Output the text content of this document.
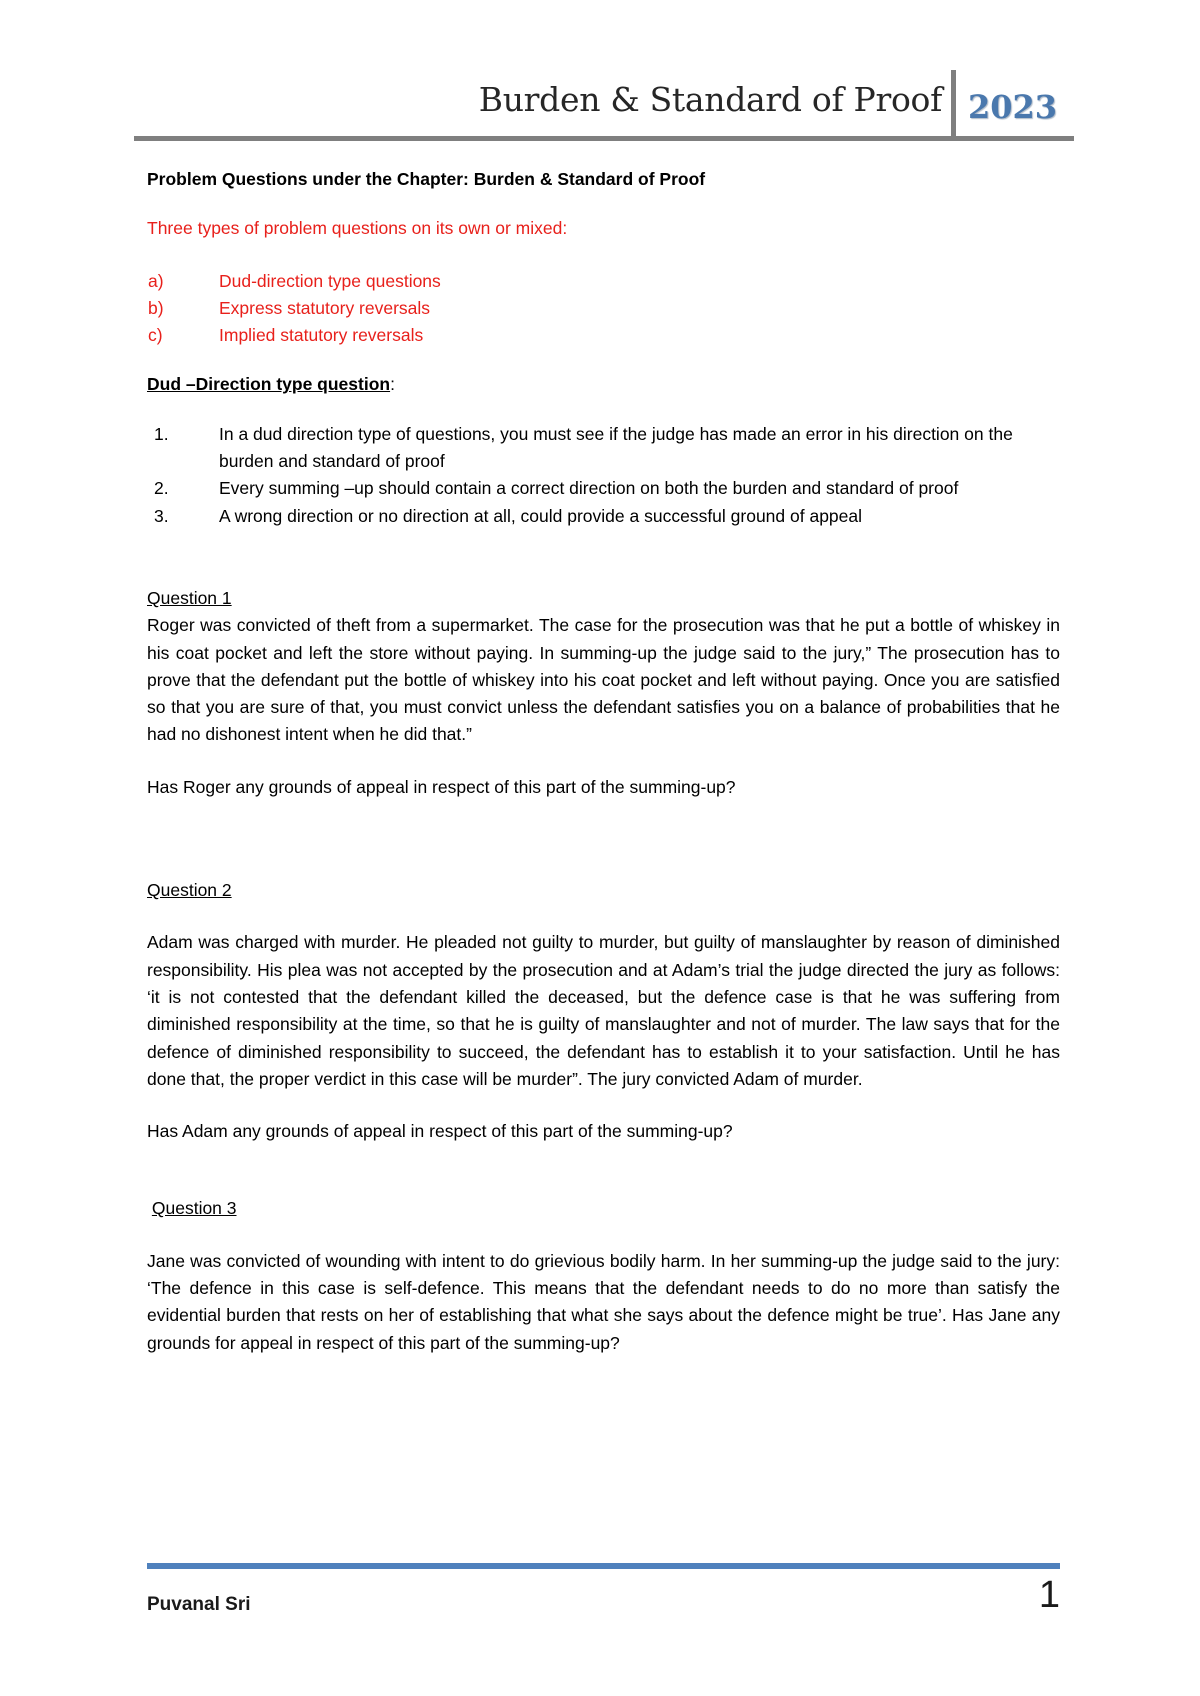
Burden & Standard of Proof 2023

Problem Questions under the Chapter: Burden & Standard of Proof

Three types of problem questions on its own or mixed:

a)	Dud-direction type questions
b)	Express statutory reversals
c)	Implied statutory reversals

Dud –Direction type question:

1.	In a dud direction type of questions, you must see if the judge has made an error in his direction on the burden and standard of proof
2.	Every summing –up should contain a correct direction on both the burden and standard of proof
3.	A wrong direction or no direction at all, could provide a successful ground of appeal

Question 1

Roger was convicted of theft from a supermarket. The case for the prosecution was that he put a bottle of whiskey in his coat pocket and left the store without paying. In summing-up the judge said to the jury,” The prosecution has to prove that the defendant put the bottle of whiskey into his coat pocket and left without paying. Once you are satisfied so that you are sure of that, you must convict unless the defendant satisfies you on a balance of probabilities that he had no dishonest intent when he did that.”

Has Roger any grounds of appeal in respect of this part of the summing-up?

Question 2

Adam was charged with murder. He pleaded not guilty to murder, but guilty of manslaughter by reason of diminished responsibility. His plea was not accepted by the prosecution and at Adam’s trial the judge directed the jury as follows: ‘it is not contested that the defendant killed the deceased, but the defence case is that he was suffering from diminished responsibility at the time, so that he is guilty of manslaughter and not of murder. The law says that for the defence of diminished responsibility to succeed, the defendant has to establish it to your satisfaction. Until he has done that, the proper verdict in this case will be murder”. The jury convicted Adam of murder.

Has Adam any grounds of appeal in respect of this part of the summing-up?

Question 3

Jane was convicted of wounding with intent to do grievious bodily harm. In her summing-up the judge said to the jury: ‘The defence in this case is self-defence. This means that the defendant needs to do no more than satisfy the evidential burden that rests on her of establishing that what she says about the defence might be true’. Has Jane any grounds for appeal in respect of this part of the summing-up?

Puvanal Sri	1
